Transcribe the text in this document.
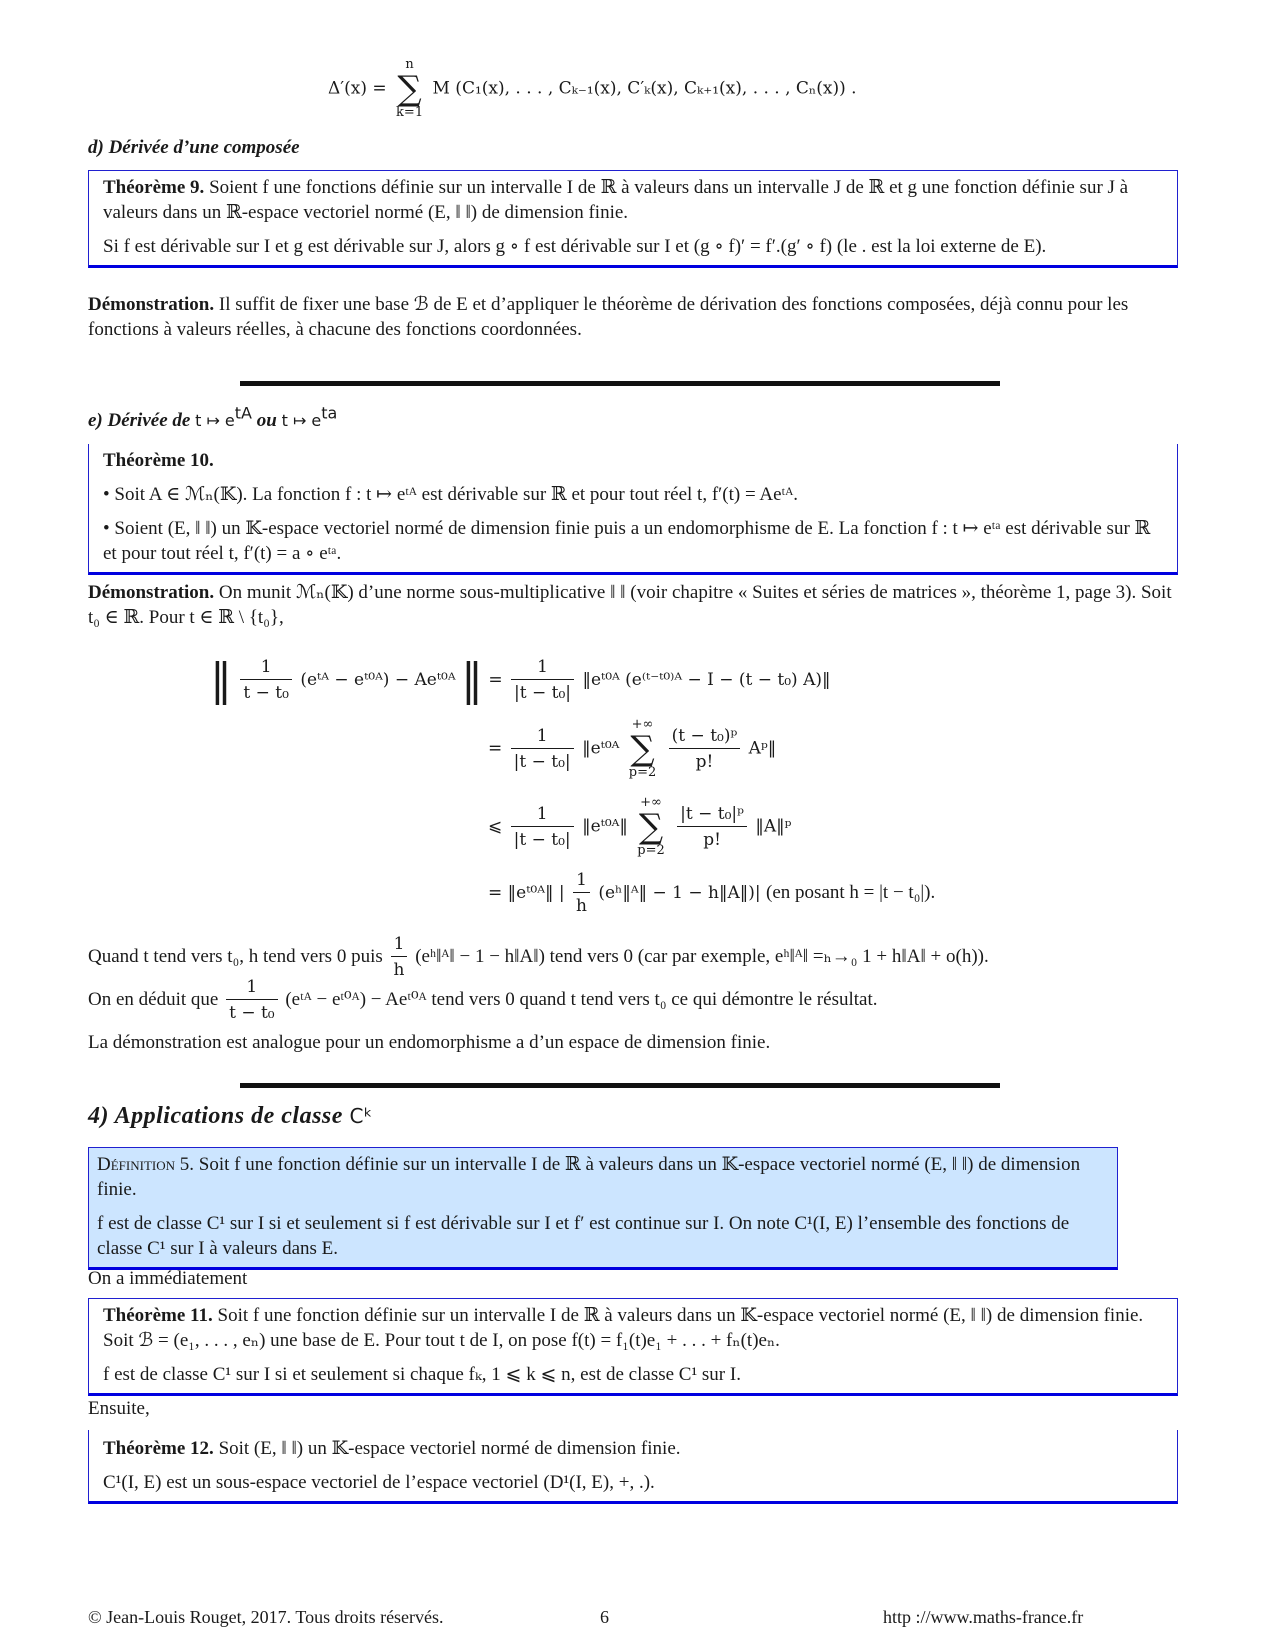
Δ′(x) =
n
∑
k=1
M (C₁(x), . . . , Cₖ₋₁(x), C′ₖ(x), Cₖ₊₁(x), . . . , Cₙ(x)) .
d) Dérivée d’une composée

Théorème 9. Soient f une fonctions définie sur un intervalle I de ℝ à valeurs dans un intervalle J de ℝ et g une fonction définie sur J à valeurs dans un ℝ-espace vectoriel normé (E, ‖ ‖) de dimension finie.

Si f est dérivable sur I et g est dérivable sur J, alors g ∘ f est dérivable sur I et (g ∘ f)′ = f′.(g′ ∘ f) (le . est la loi externe de E).

Démonstration. Il suffit de fixer une base ℬ de E et d’appliquer le théorème de dérivation des fonctions composées, déjà connu pour les fonctions à valeurs réelles, à chacune des fonctions coordonnées.

e) Dérivée de t ↦ $e^{tA}$ ou t ↦ $e^{ta}$

Théorème 10.

• Soit A ∈ ℳₙ(𝕂). La fonction f : t ↦ eᵗᴬ est dérivable sur ℝ et pour tout réel t, f′(t) = Aeᵗᴬ.

• Soient (E, ‖ ‖) un 𝕂-espace vectoriel normé de dimension finie puis a un endomorphisme de E. La fonction f : t ↦ eᵗᵃ est dérivable sur ℝ et pour tout réel t, f′(t) = a ∘ eᵗᵃ.

Démonstration. On munit ℳₙ(𝕂) d’une norme sous-multiplicative ‖ ‖ (voir chapitre « Suites et séries de matrices », théorème 1, page 3). Soit t₀ ∈ ℝ. Pour t ∈ ℝ \ {t₀},

‖ $\frac{1}{\text{t − t₀}}$ (eᵗᴬ − eᵗ⁰ᴬ) − Aeᵗ⁰ᴬ ‖ = $\frac{1}{\text{|t − t₀|}}$ ‖eᵗ⁰ᴬ (e⁽ᵗ⁻ᵗ⁰⁾ᴬ − I − (t − t₀) A)‖
= $\frac{1}{\text{|t − t₀|}}$ ‖eᵗ⁰ᴬ
+∞
∑
p=2
$\frac{\text{(t − t₀)ᵖ}}{p!}$ Aᵖ‖
⩽ $\frac{1}{\text{|t − t₀|}}$ ‖eᵗ⁰ᴬ‖
+∞
∑
p=2
$\frac{\text{|t − t₀|ᵖ}}{p!}$ ‖A‖ᵖ
= ‖eᵗ⁰ᴬ‖ | $\frac{1}{h}$ (eʰ‖ᴬ‖ − 1 − h‖A‖)| (en posant h = |t − t₀|).

Quand t tend vers t₀, h tend vers 0 puis $\frac{1}{h}$ (eʰ‖ᴬ‖ − 1 − h‖A‖) tend vers 0 (car par exemple, eʰ‖ᴬ‖ =ₕ→₀ 1 + h‖A‖ + o(h)).

On en déduit que $\frac{1}{\text{t − t₀}}$ (eᵗᴬ − eᵗ⁰ᴬ) − Aeᵗ⁰ᴬ tend vers 0 quand t tend vers t₀ ce qui démontre le résultat.

La démonstration est analogue pour un endomorphisme a d’un espace de dimension finie.

4) Applications de classe Cᵏ

Définition 5. Soit f une fonction définie sur un intervalle I de ℝ à valeurs dans un 𝕂-espace vectoriel normé (E, ‖ ‖) de dimension finie.

f est de classe C¹ sur I si et seulement si f est dérivable sur I et f′ est continue sur I. On note C¹(I, E) l’ensemble des fonctions de classe C¹ sur I à valeurs dans E.

On a immédiatement

Théorème 11. Soit f une fonction définie sur un intervalle I de ℝ à valeurs dans un 𝕂-espace vectoriel normé (E, ‖ ‖) de dimension finie. Soit ℬ = (e₁, . . . , eₙ) une base de E. Pour tout t de I, on pose f(t) = f₁(t)e₁ + . . . + fₙ(t)eₙ.

f est de classe C¹ sur I si et seulement si chaque fₖ, 1 ⩽ k ⩽ n, est de classe C¹ sur I.

Ensuite,

Théorème 12. Soit (E, ‖ ‖) un 𝕂-espace vectoriel normé de dimension finie.

C¹(I, E) est un sous-espace vectoriel de l’espace vectoriel (D¹(I, E), +, .).

© Jean-Louis Rouget, 2017. Tous droits réservés.	6	http ://www.maths-france.fr
